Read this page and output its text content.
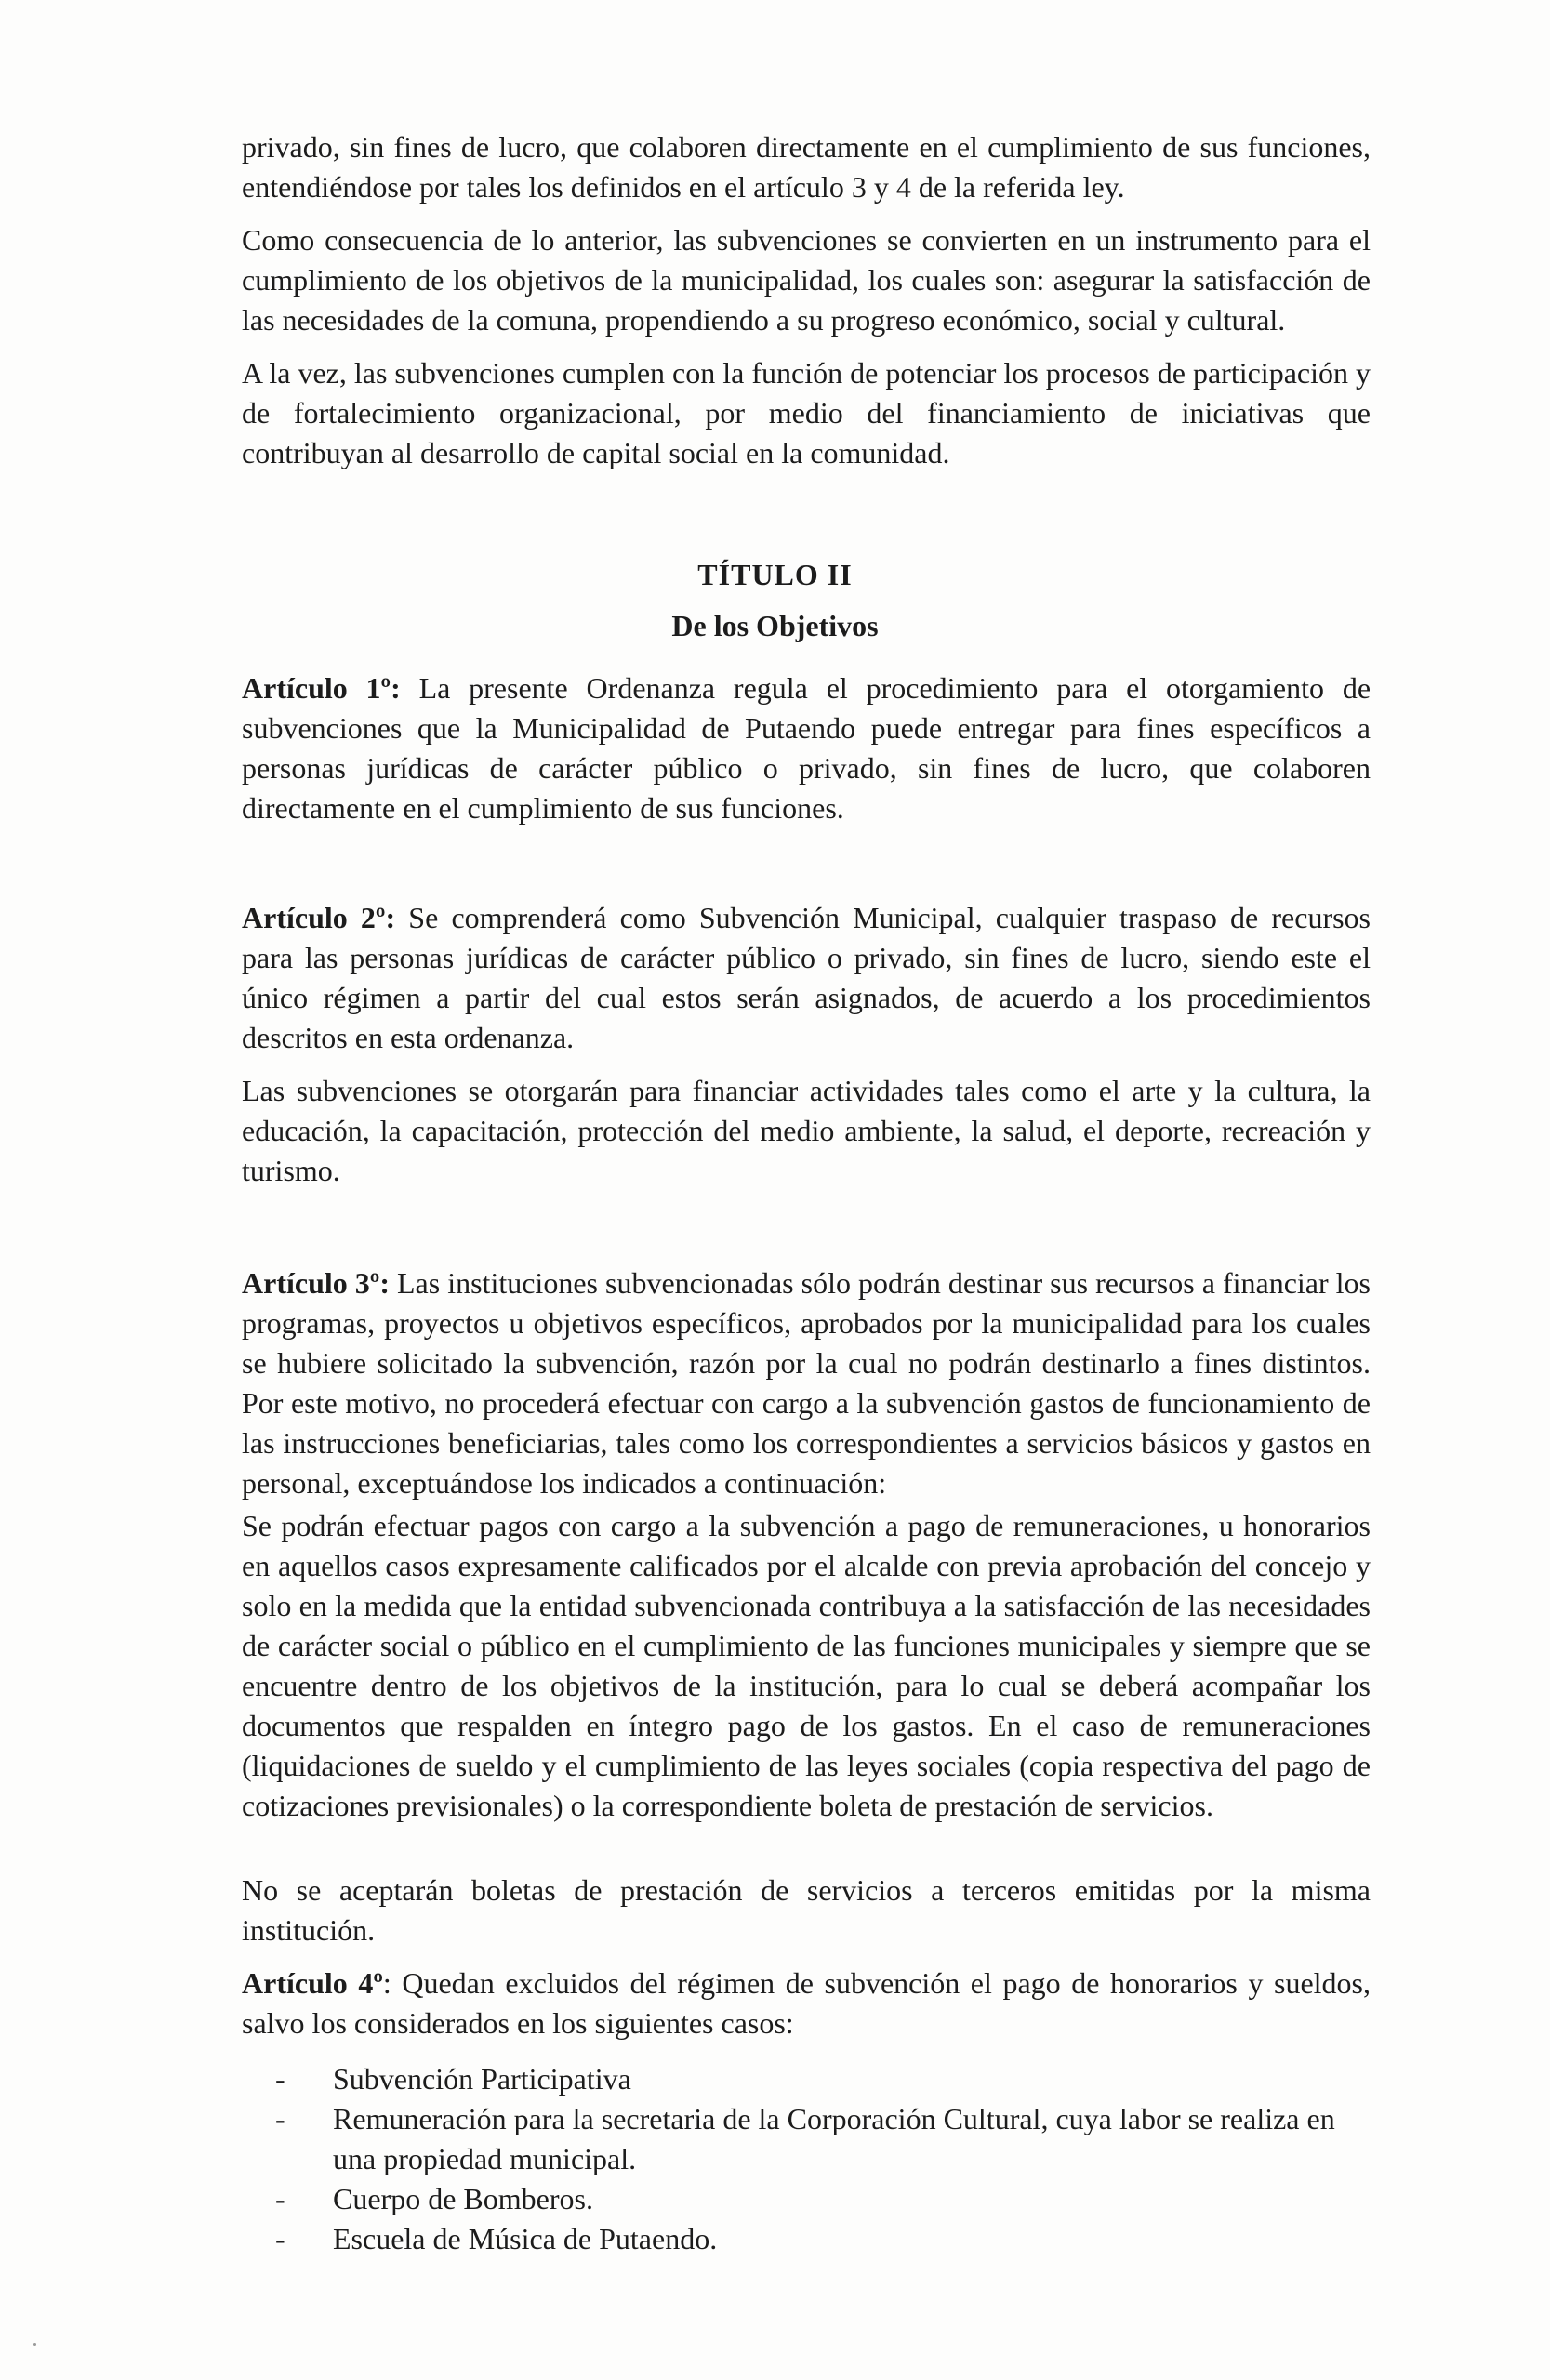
privado, sin fines de lucro, que colaboren directamente en el cumplimiento de sus funciones, entendiéndose por tales los definidos en el artículo 3 y 4 de la referida ley.

Como consecuencia de lo anterior, las subvenciones se convierten en un instrumento para el cumplimiento de los objetivos de la municipalidad, los cuales son: asegurar la satisfacción de las necesidades de la comuna, propendiendo a su progreso económico, social y cultural.

A la vez, las subvenciones cumplen con la función de potenciar los procesos de participación y de fortalecimiento organizacional, por medio del financiamiento de iniciativas que contribuyan al desarrollo de capital social en la comunidad.

TÍTULO II

De los Objetivos

Artículo 1º: La presente Ordenanza regula el procedimiento para el otorgamiento de subvenciones que la Municipalidad de Putaendo puede entregar para fines específicos a personas jurídicas de carácter público o privado, sin fines de lucro, que colaboren directamente en el cumplimiento de sus funciones.

Artículo 2º: Se comprenderá como Subvención Municipal, cualquier traspaso de recursos para las personas jurídicas de carácter público o privado, sin fines de lucro, siendo este el único régimen a partir del cual estos serán asignados, de acuerdo a los procedimientos descritos en esta ordenanza.

Las subvenciones se otorgarán para financiar actividades tales como el arte y la cultura, la educación, la capacitación, protección del medio ambiente, la salud, el deporte, recreación y turismo.

Artículo 3º: Las instituciones subvencionadas sólo podrán destinar sus recursos a financiar los programas, proyectos u objetivos específicos, aprobados por la municipalidad para los cuales se hubiere solicitado la subvención, razón por la cual no podrán destinarlo a fines distintos. Por este motivo, no procederá efectuar con cargo a la subvención gastos de funcionamiento de las instrucciones beneficiarias, tales como los correspondientes a servicios básicos y gastos en personal, exceptuándose los indicados a continuación:

Se podrán efectuar pagos con cargo a la subvención a pago de remuneraciones, u honorarios en aquellos casos expresamente calificados por el alcalde con previa aprobación del concejo y solo en la medida que la entidad subvencionada contribuya a la satisfacción de las necesidades de carácter social o público en el cumplimiento de las funciones municipales y siempre que se encuentre dentro de los objetivos de la institución, para lo cual se deberá acompañar los documentos que respalden en íntegro pago de los gastos. En el caso de remuneraciones (liquidaciones de sueldo y el cumplimiento de las leyes sociales (copia respectiva del pago de cotizaciones previsionales) o la correspondiente boleta de prestación de servicios.

No se aceptarán boletas de prestación de servicios a terceros emitidas por la misma institución.

Artículo 4º: Quedan excluidos del régimen de subvención el pago de honorarios y sueldos, salvo los considerados en los siguientes casos:

- Subvención Participativa
- Remuneración para la secretaria de la Corporación Cultural, cuya labor se realiza en una propiedad municipal.
- Cuerpo de Bomberos.
- Escuela de Música de Putaendo.
